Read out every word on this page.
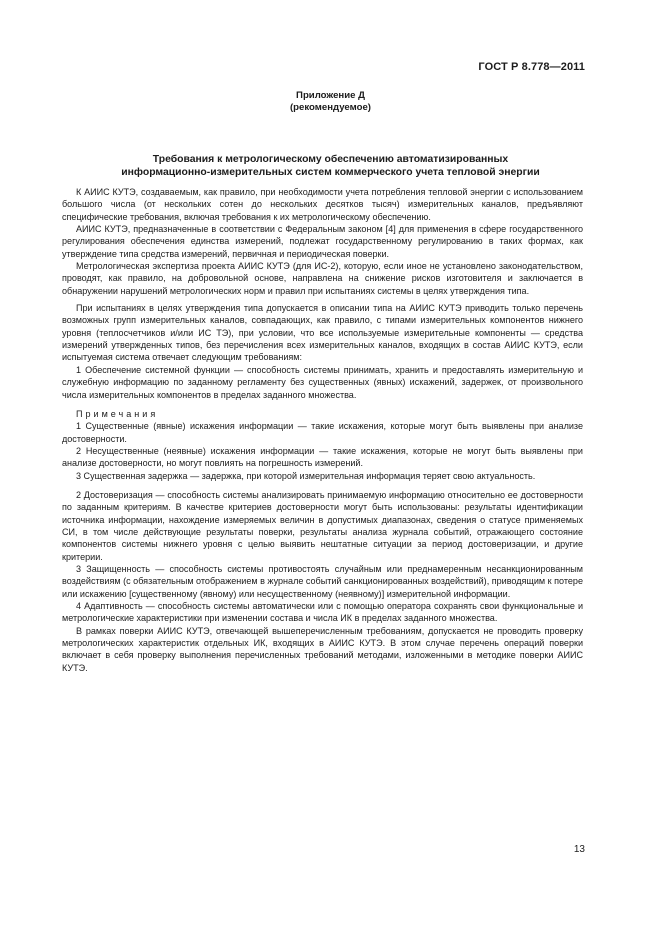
ГОСТ Р 8.778—2011
Приложение Д
(рекомендуемое)
Требования к метрологическому обеспечению автоматизированных
информационно-измерительных систем коммерческого учета тепловой энергии

К АИИС КУТЭ, создаваемым, как правило, при необходимости учета потребления тепловой энергии с использованием большого числа (от нескольких сотен до нескольких десятков тысяч) измерительных каналов, предъявляют специфические требования, включая требования к их метрологическому обеспечению.

АИИС КУТЭ, предназначенные в соответствии с Федеральным законом [4] для применения в сфере государственного регулирования обеспечения единства измерений, подлежат государственному регулированию в таких формах, как утверждение типа средства измерений, первичная и периодическая поверки.

Метрологическая экспертиза проекта АИИС КУТЭ (для ИС-2), которую, если иное не установлено законодательством, проводят, как правило, на добровольной основе, направлена на снижение рисков изготовителя и заключается в обнаружении нарушений метрологических норм и правил при испытаниях системы в целях утверждения типа.

При испытаниях в целях утверждения типа допускается в описании типа на АИИС КУТЭ приводить только перечень возможных групп измерительных каналов, совпадающих, как правило, с типами измерительных компонентов нижнего уровня (теплосчетчиков и/или ИС ТЭ), при условии, что все используемые измерительные компоненты — средства измерений утвержденных типов, без перечисления всех измерительных каналов, входящих в состав АИИС КУТЭ, если испытуемая система отвечает следующим требованиям:

1 Обеспечение системной функции — способность системы принимать, хранить и предоставлять измерительную и служебную информацию по заданному регламенту без существенных (явных) искажений, задержек, от произвольного числа измерительных компонентов в пределах заданного множества.

Примечания

1 Существенные (явные) искажения информации — такие искажения, которые могут быть выявлены при анализе достоверности.

2 Несущественные (неявные) искажения информации — такие искажения, которые не могут быть выявлены при анализе достоверности, но могут повлиять на погрешность измерений.

3 Существенная задержка — задержка, при которой измерительная информация теряет свою актуальность.

2 Достоверизация — способность системы анализировать принимаемую информацию относительно ее достоверности по заданным критериям. В качестве критериев достоверности могут быть использованы: результаты идентификации источника информации, нахождение измеряемых величин в допустимых диапазонах, сведения о статусе применяемых СИ, в том числе действующие результаты поверки, результаты анализа журнала событий, отражающего состояние компонентов системы нижнего уровня с целью выявить нештатные ситуации за период достоверизации, и другие критерии.

3 Защищенность — способность системы противостоять случайным или преднамеренным несанкционированным воздействиям (с обязательным отображением в журнале событий санкционированных воздействий), приводящим к потере или искажению [существенному (явному) или несущественному (неявному)] измерительной информации.

4 Адаптивность — способность системы автоматически или с помощью оператора сохранять свои функциональные и метрологические характеристики при изменении состава и числа ИК в пределах заданного множества.

В рамках поверки АИИС КУТЭ, отвечающей вышеперечисленным требованиям, допускается не проводить проверку метрологических характеристик отдельных ИК, входящих в АИИС КУТЭ. В этом случае перечень операций поверки включает в себя проверку выполнения перечисленных требований методами, изложенными в методике поверки АИИС КУТЭ.

13
